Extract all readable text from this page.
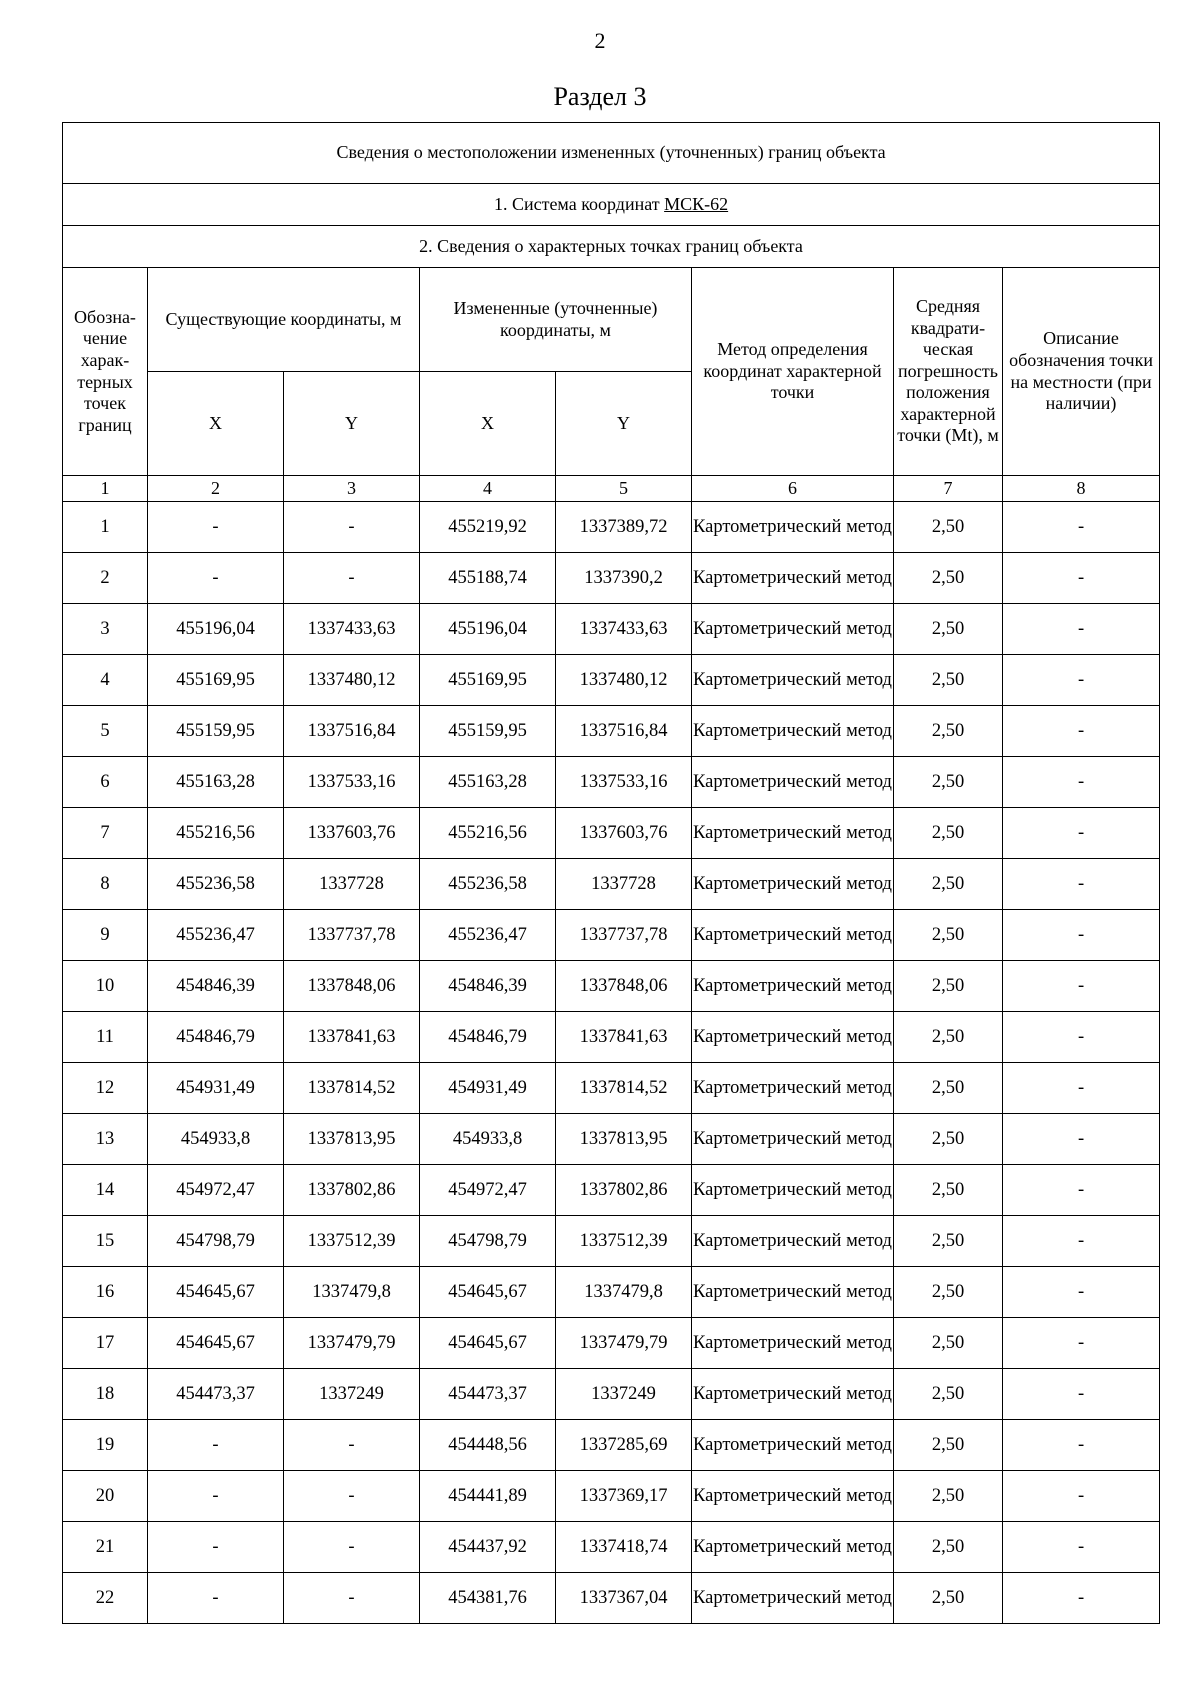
2
Раздел 3
Сведения о местоположении измененных (уточненных) границ объекта							
1. Система координат МСК-62							
2. Сведения о характерных точках границ объекта							
Обозна-чение харак-терных точек границ	Существующие координаты, м		Измененные (уточненные) координаты, м		Метод определения координат характерной точки	Средняя квадрати-ческая погрешность положения характерной точки (Mt), м	Описание обозначения точки на местности (при наличии)
	X	Y	X	Y			
1	2	3	4	5	6	7	8
1	-	-	455219,92	1337389,72	Картометрический метод	2,50	-
2	-	-	455188,74	1337390,2	Картометрический метод	2,50	-
3	455196,04	1337433,63	455196,04	1337433,63	Картометрический метод	2,50	-
4	455169,95	1337480,12	455169,95	1337480,12	Картометрический метод	2,50	-
5	455159,95	1337516,84	455159,95	1337516,84	Картометрический метод	2,50	-
6	455163,28	1337533,16	455163,28	1337533,16	Картометрический метод	2,50	-
7	455216,56	1337603,76	455216,56	1337603,76	Картометрический метод	2,50	-
8	455236,58	1337728	455236,58	1337728	Картометрический метод	2,50	-
9	455236,47	1337737,78	455236,47	1337737,78	Картометрический метод	2,50	-
10	454846,39	1337848,06	454846,39	1337848,06	Картометрический метод	2,50	-
11	454846,79	1337841,63	454846,79	1337841,63	Картометрический метод	2,50	-
12	454931,49	1337814,52	454931,49	1337814,52	Картометрический метод	2,50	-
13	454933,8	1337813,95	454933,8	1337813,95	Картометрический метод	2,50	-
14	454972,47	1337802,86	454972,47	1337802,86	Картометрический метод	2,50	-
15	454798,79	1337512,39	454798,79	1337512,39	Картометрический метод	2,50	-
16	454645,67	1337479,8	454645,67	1337479,8	Картометрический метод	2,50	-
17	454645,67	1337479,79	454645,67	1337479,79	Картометрический метод	2,50	-
18	454473,37	1337249	454473,37	1337249	Картометрический метод	2,50	-
19	-	-	454448,56	1337285,69	Картометрический метод	2,50	-
20	-	-	454441,89	1337369,17	Картометрический метод	2,50	-
21	-	-	454437,92	1337418,74	Картометрический метод	2,50	-
22	-	-	454381,76	1337367,04	Картометрический метод	2,50	-
